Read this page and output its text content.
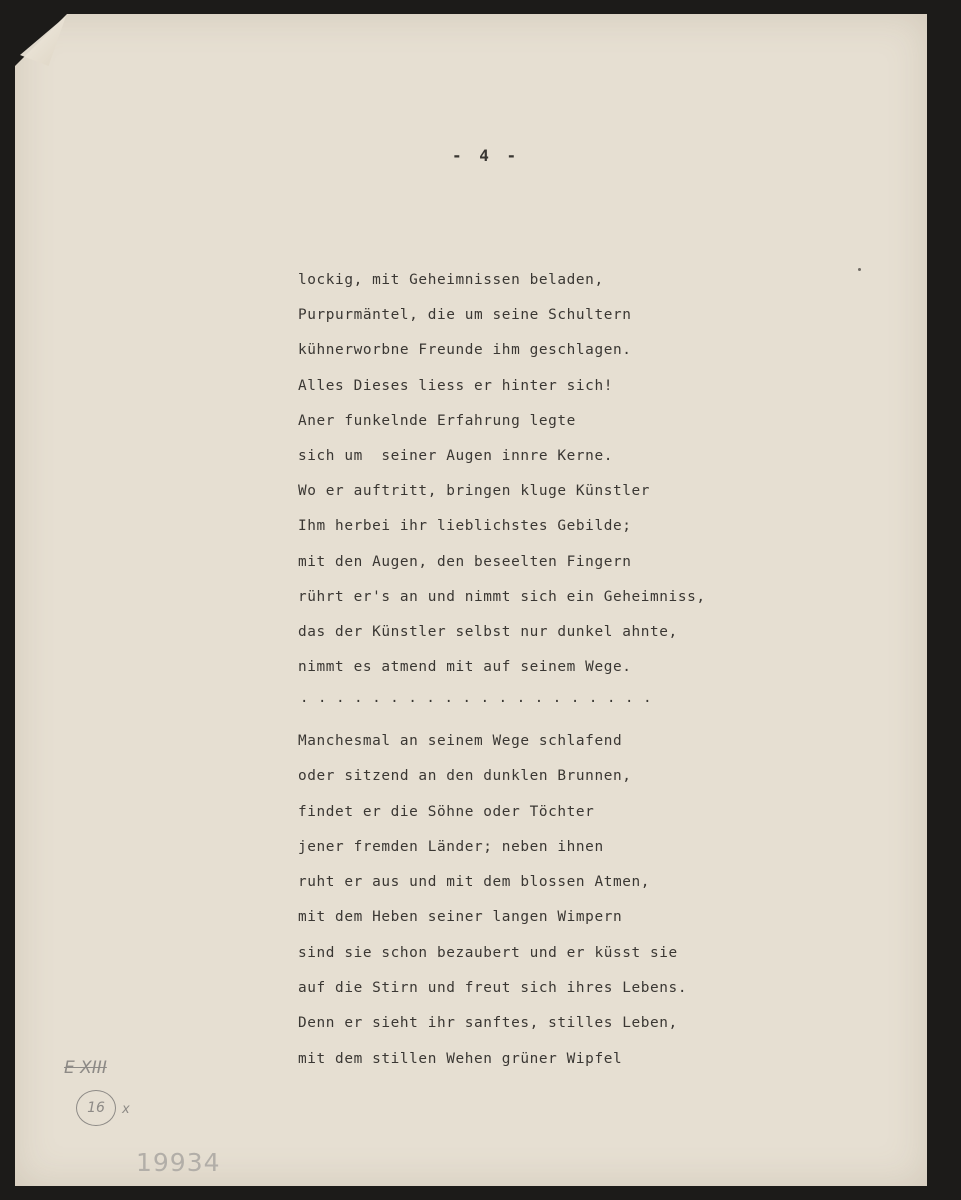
- 4 -
lockig, mit Geheimnissen beladen,
Purpurmäntel, die um seine Schultern
kühnerworbne Freunde ihm geschlagen.
Alles Dieses liess er hinter sich!
Aner funkelnde Erfahrung legte
sich um  seiner Augen innre Kerne.
Wo er auftritt, bringen kluge Künstler
Ihm herbei ihr lieblichstes Gebilde;
mit den Augen, den beseelten Fingern
rührt er's an und nimmt sich ein Geheimniss,
das der Künstler selbst nur dunkel ahnte,
nimmt es atmend mit auf seinem Wege.
. . . . . . . . . . . . . . . . . . . .
Manchesmal an seinem Wege schlafend
oder sitzend an den dunklen Brunnen,
findet er die Söhne oder Töchter
jener fremden Länder; neben ihnen
ruht er aus und mit dem blossen Atmen,
mit dem Heben seiner langen Wimpern
sind sie schon bezaubert und er küsst sie
auf die Stirn und freut sich ihres Lebens.
Denn er sieht ihr sanftes, stilles Leben,
mit dem stillen Wehen grüner Wipfel
E XIII
16	x
19934
